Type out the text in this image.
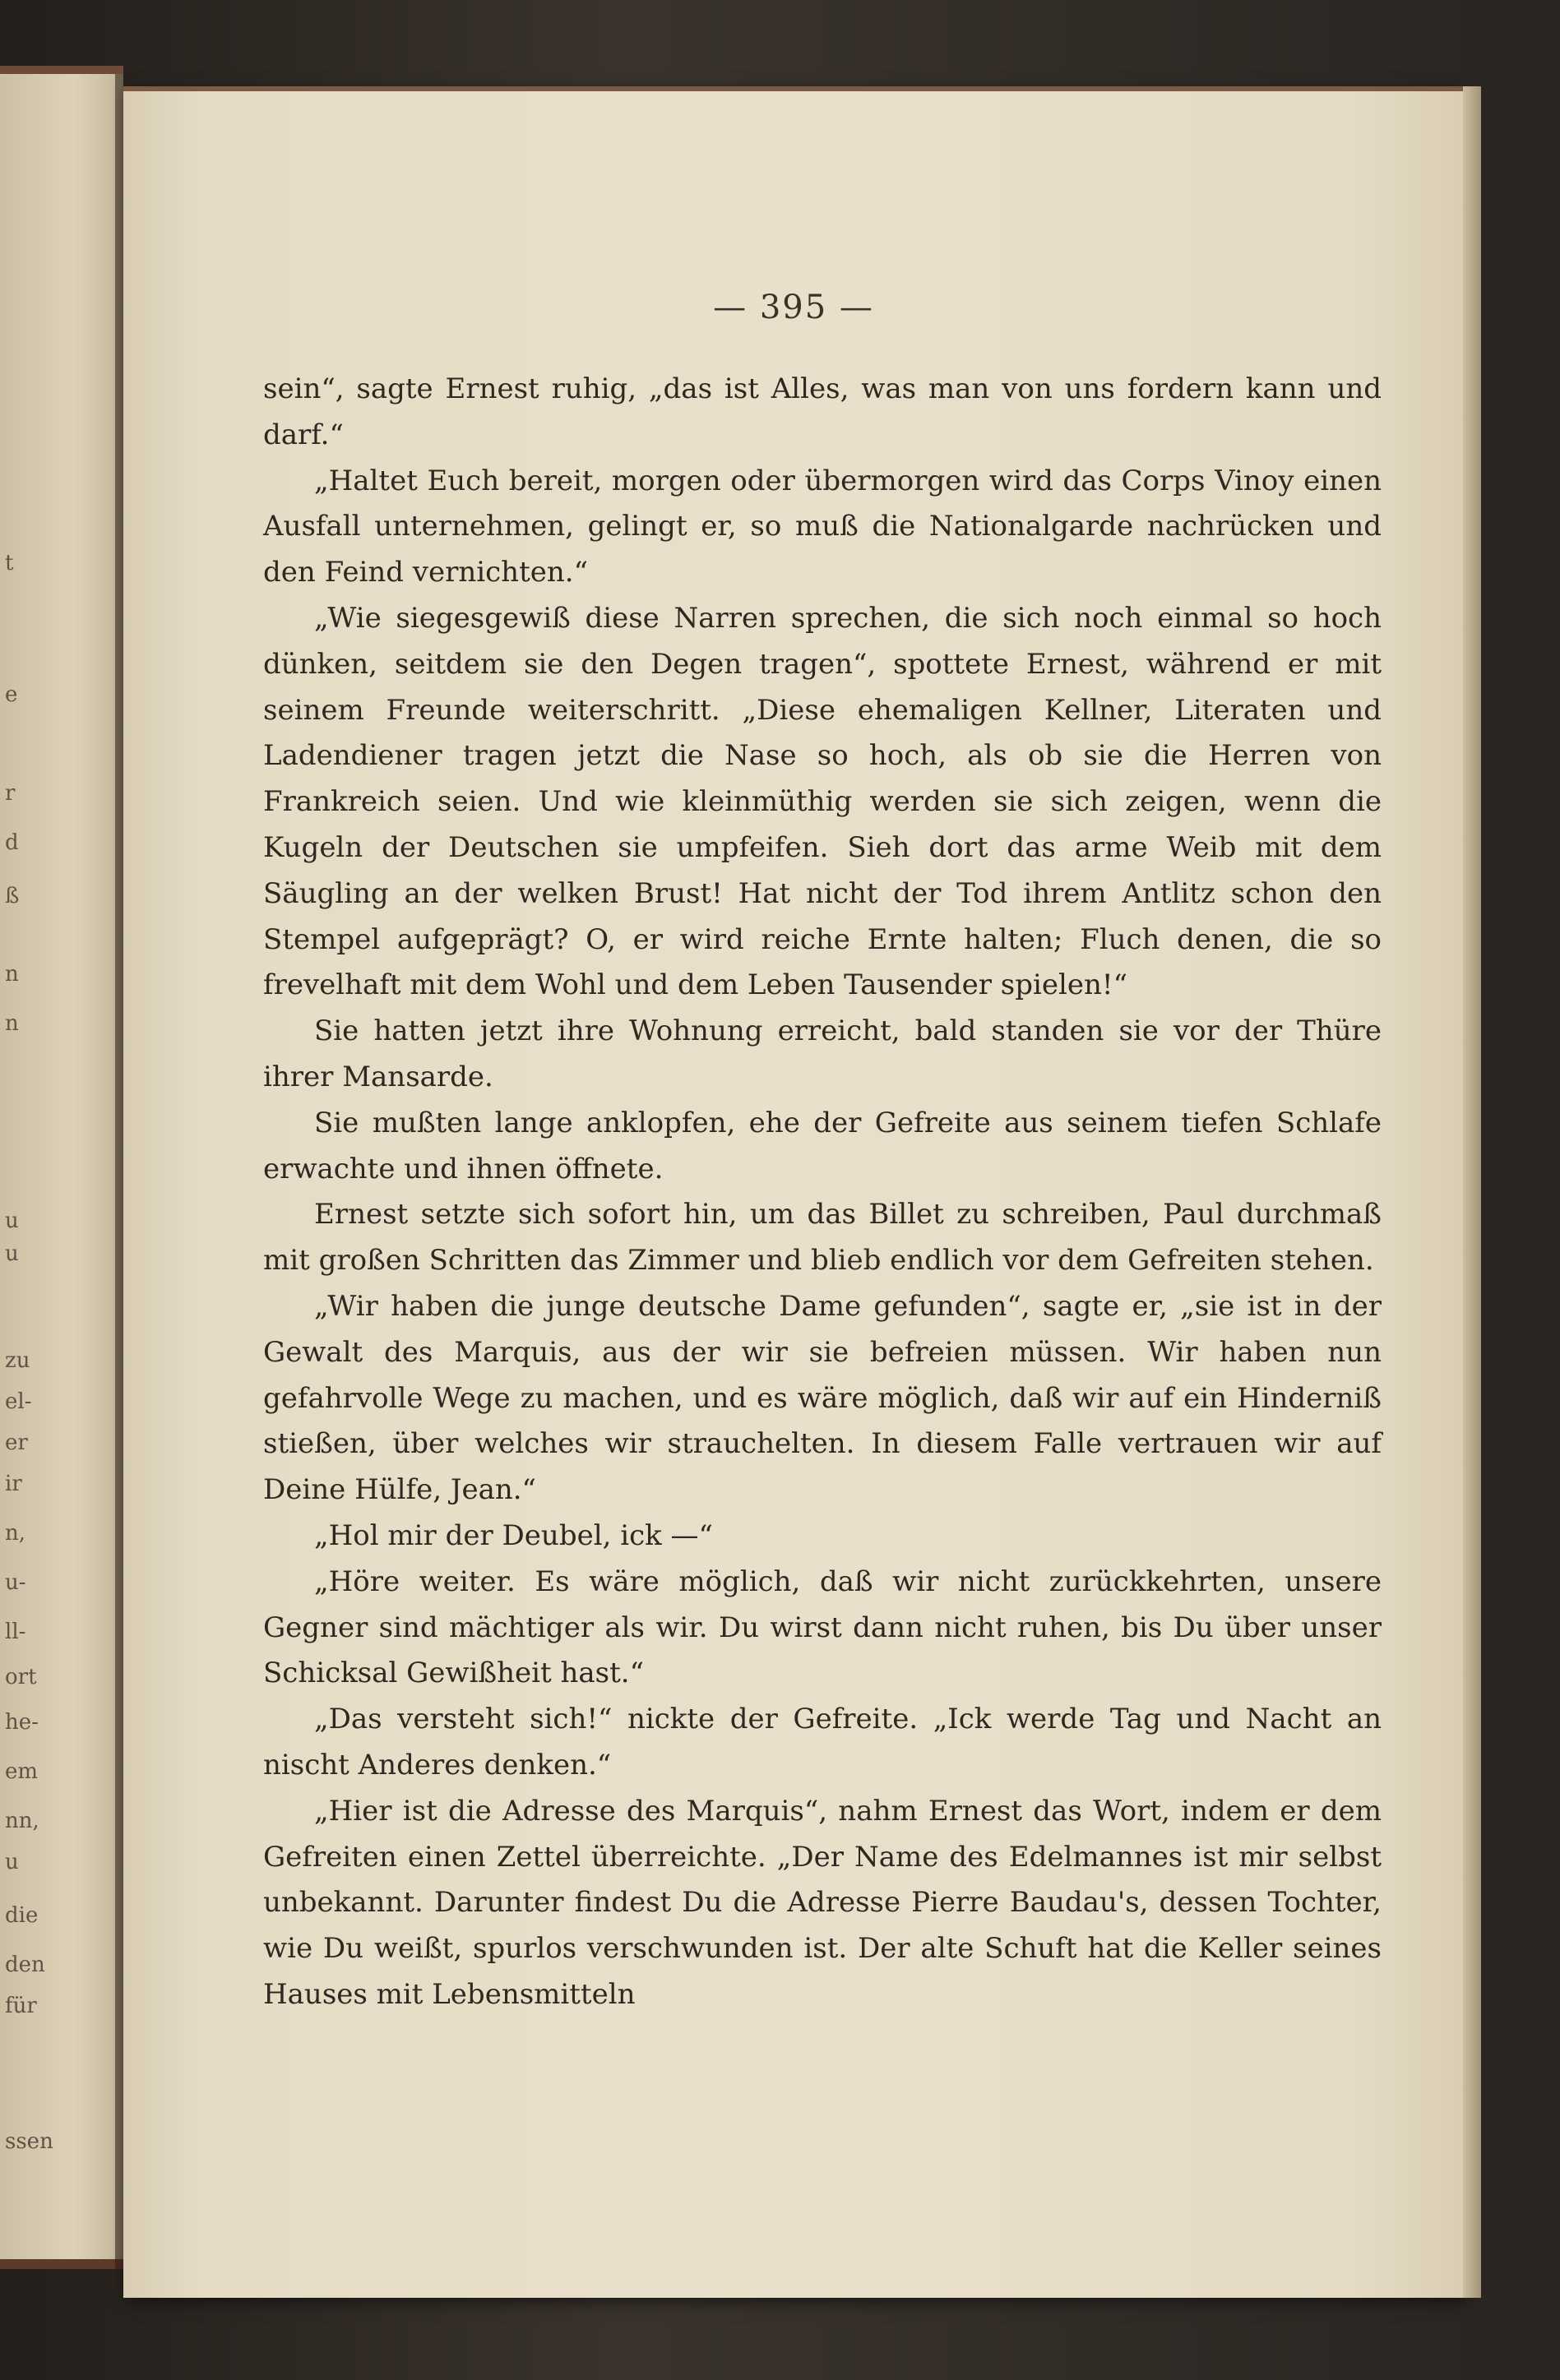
t
e
r
d
ß
n
n
u
u
zu
el-
er
ir
n,
u-
ll-
ort
he-
em
nn,
u
die
den
für
ssen
— 395 —

sein“, sagte Ernest ruhig, „das ist Alles, was man von uns fordern kann und darf.“

„Haltet Euch bereit, morgen oder übermorgen wird das Corps Vinoy einen Ausfall unternehmen, gelingt er, so muß die Nationalgarde nachrücken und den Feind vernichten.“

„Wie siegesgewiß diese Narren sprechen, die sich noch einmal so hoch dünken, seitdem sie den Degen tragen“, spottete Ernest, während er mit seinem Freunde weiterschritt. „Diese ehemaligen Kellner, Literaten und Ladendiener tragen jetzt die Nase so hoch, als ob sie die Herren von Frankreich seien. Und wie kleinmüthig werden sie sich zeigen, wenn die Kugeln der Deutschen sie umpfeifen. Sieh dort das arme Weib mit dem Säugling an der welken Brust! Hat nicht der Tod ihrem Antlitz schon den Stempel aufgeprägt? O, er wird reiche Ernte halten; Fluch denen, die so frevelhaft mit dem Wohl und dem Leben Tausender spielen!“

Sie hatten jetzt ihre Wohnung erreicht, bald standen sie vor der Thüre ihrer Mansarde.

Sie mußten lange anklopfen, ehe der Gefreite aus seinem tiefen Schlafe erwachte und ihnen öffnete.

Ernest setzte sich sofort hin, um das Billet zu schreiben, Paul durchmaß mit großen Schritten das Zimmer und blieb endlich vor dem Gefreiten stehen.

„Wir haben die junge deutsche Dame gefunden“, sagte er, „sie ist in der Gewalt des Marquis, aus der wir sie befreien müssen. Wir haben nun gefahrvolle Wege zu machen, und es wäre möglich, daß wir auf ein Hinderniß stießen, über welches wir strauchelten. In diesem Falle vertrauen wir auf Deine Hülfe, Jean.“

„Hol mir der Deubel, ick —“

„Höre weiter. Es wäre möglich, daß wir nicht zurückkehrten, unsere Gegner sind mächtiger als wir. Du wirst dann nicht ruhen, bis Du über unser Schicksal Gewißheit hast.“

„Das versteht sich!“ nickte der Gefreite. „Ick werde Tag und Nacht an nischt Anderes denken.“

„Hier ist die Adresse des Marquis“, nahm Ernest das Wort, indem er dem Gefreiten einen Zettel überreichte. „Der Name des Edelmannes ist mir selbst unbekannt. Darunter findest Du die Adresse Pierre Baudau's, dessen Tochter, wie Du weißt, spurlos verschwunden ist. Der alte Schuft hat die Keller seines Hauses mit Lebensmitteln
